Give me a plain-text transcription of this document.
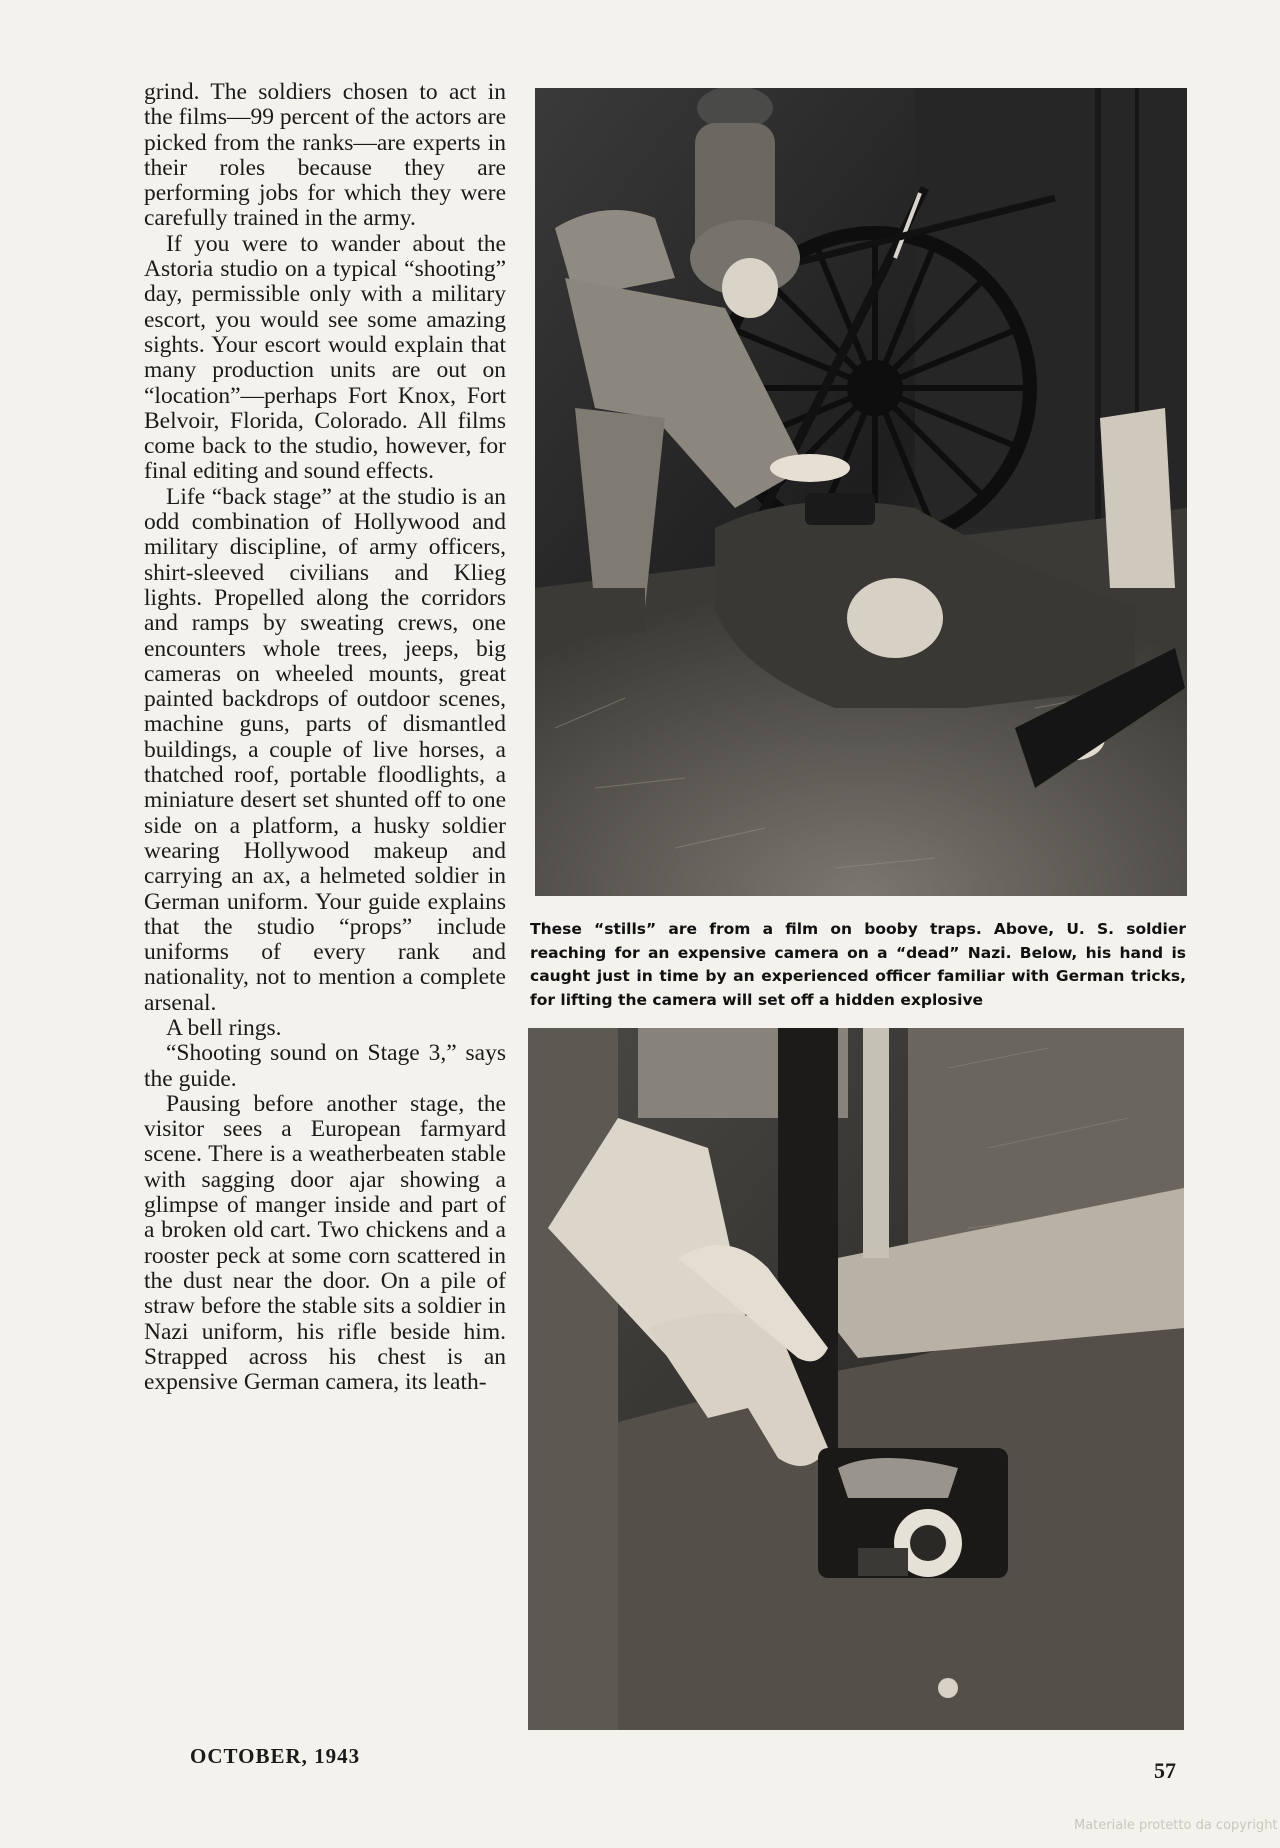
grind. The soldiers chosen to act in the films—99 percent of the actors are picked from the ranks—are experts in their roles because they are performing jobs for which they were carefully trained in the army.

If you were to wander about the Astoria studio on a typical “shooting” day, permissible only with a military escort, you would see some amazing sights. Your escort would explain that many production units are out on “location”—perhaps Fort Knox, Fort Belvoir, Florida, Colorado. All films come back to the studio, however, for final editing and sound effects.

Life “back stage” at the studio is an odd combination of Hollywood and military discipline, of army officers, shirt-sleeved civilians and Klieg lights. Propelled along the corridors and ramps by sweating crews, one encounters whole trees, jeeps, big cameras on wheeled mounts, great painted backdrops of outdoor scenes, machine guns, parts of dismantled buildings, a couple of live horses, a thatched roof, portable floodlights, a miniature desert set shunted off to one side on a platform, a husky soldier wearing Hollywood makeup and carrying an ax, a helmeted soldier in German uniform. Your guide explains that the studio “props” include uniforms of every rank and nationality, not to mention a complete arsenal.

A bell rings.

“Shooting sound on Stage 3,” says the guide.

Pausing before another stage, the visitor sees a European farmyard scene. There is a weatherbeaten stable with sagging door ajar showing a glimpse of manger inside and part of a broken old cart. Two chickens and a rooster peck at some corn scattered in the dust near the door. On a pile of straw before the stable sits a soldier in Nazi uniform, his rifle beside him. Strapped across his chest is an expensive German camera, its leath-

These “stills” are from a film on booby traps. Above, U. S. soldier reaching for an expensive camera on a “dead” Nazi. Below, his hand is caught just in time by an experienced officer familiar with German tricks, for lifting the camera will set off a hidden explosive
OCTOBER, 1943
57
Materiale protetto da copyright
